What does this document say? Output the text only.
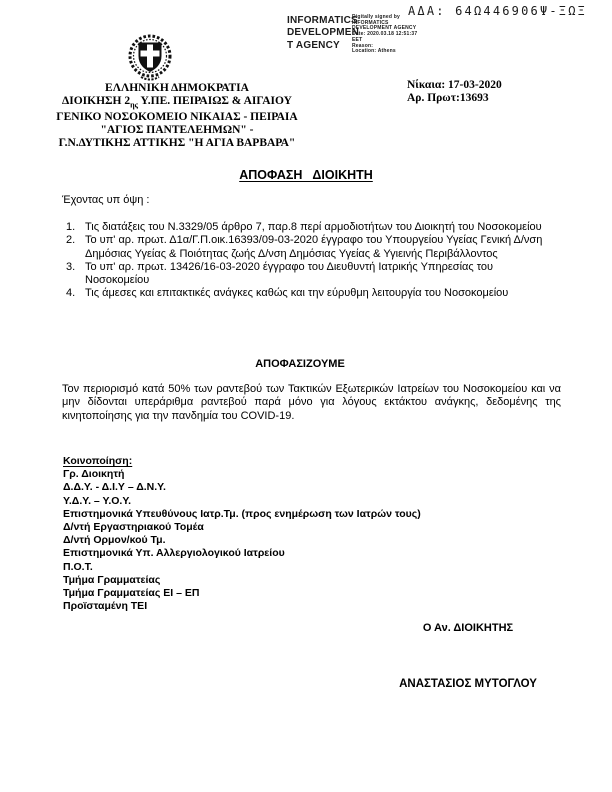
ΑΔΑ: 64Ω446906Ψ-ΞΩΞ
INFORMATICS
DEVELOPMEN
T AGENCY
Digitally signed by
INFORMATICS
DEVELOPMENT AGENCY
Date: 2020.03.18 12:51:37
EET
Reason:
Location: Athens
ΕΛΛΗΝΙΚΗ ΔΗΜΟΚΡΑΤΙΑ
ΔΙΟΙΚΗΣΗ $2_{\eta\varsigma}$ Υ.ΠΕ. ΠΕΙΡΑΙΩΣ & ΑΙΓΑΙΟΥ
ΓΕΝΙΚΟ ΝΟΣΟΚΟΜΕΙΟ ΝΙΚΑΙΑΣ - ΠΕΙΡΑΙΑ
"ΑΓΙΟΣ ΠΑΝΤΕΛΕΗΜΩΝ" -
Γ.Ν.ΔΥΤΙΚΗΣ ΑΤΤΙΚΗΣ "Η ΑΓΙΑ ΒΑΡΒΑΡΑ"
Νίκαια: 17-03-2020
Αρ. Πρωτ:13693
ΑΠΟΦΑΣΗ   ΔΙΟΙΚΗΤΗ
Έχοντας υπ όψη :
Τις διατάξεις του Ν.3329/05 άρθρο 7, παρ.8 περί αρμοδιοτήτων του Διοικητή του Νοσοκομείου
Το υπ' αρ. πρωτ. Δ1α/Γ.Π.οικ.16393/09-03-2020 έγγραφο του Υπουργείου Υγείας Γενική Δ/νση Δημόσιας Υγείας & Ποιότητας ζωής Δ/νση Δημόσιας Υγείας & Υγιεινής Περιβάλλοντος
Το υπ' αρ. πρωτ. 13426/16-03-2020 έγγραφο του Διευθυντή Ιατρικής Υπηρεσίας του Νοσοκομείου
Τις άμεσες και επιτακτικές ανάγκες καθώς και την εύρυθμη λειτουργία του Νοσοκομείου
ΑΠΟΦΑΣΙΖΟΥΜΕ

Τον περιορισμό κατά 50% των ραντεβού των Τακτικών Εξωτερικών Ιατρείων του Νοσοκομείου και να μην δίδονται υπεράριθμα ραντεβού παρά μόνο για λόγους εκτάκτου ανάγκης, δεδομένης της κινητοποίησης για την πανδημία του COVID-19.

Κοινοποίηση:
Γρ. Διοικητή
Δ.Δ.Υ. - Δ.Ι.Υ – Δ.Ν.Υ.
Υ.Δ.Υ. – Υ.Ο.Υ.
Επιστημονικά Υπευθύνους Ιατρ.Τμ. (προς ενημέρωση των Ιατρών τους)
Δ/ντή Εργαστηριακού Τομέα
Δ/ντή Ορμον/κού Τμ.
Επιστημονικά Υπ. Αλλεργιολογικού Ιατρείου
Π.Ο.Τ.
Τμήμα Γραμματείας
Τμήμα Γραμματείας ΕΙ – ΕΠ
Προϊσταμένη ΤΕΙ
Ο Αν. ΔΙΟΙΚΗΤΗΣ
ΑΝΑΣΤΑΣΙΟΣ ΜΥΤΟΓΛΟΥ
